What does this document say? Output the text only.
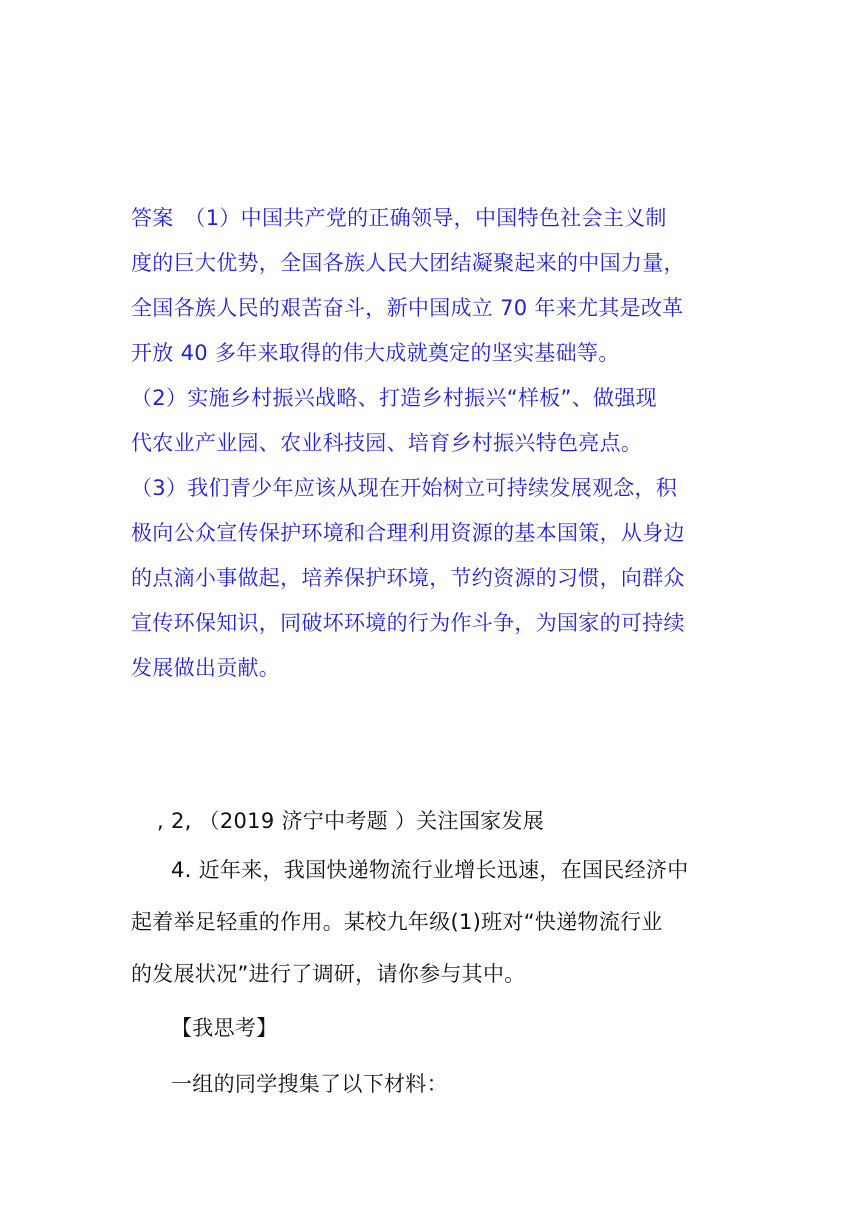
答案　（1）中国共产党的正确领导，中国特色社会主义制
度的巨大优势，全国各族人民大团结凝聚起来的中国力量，
全国各族人民的艰苦奋斗，新中国成立 70 年来尤其是改革
开放 40 多年来取得的伟大成就奠定的坚实基础等。
（2）实施乡村振兴战略、打造乡村振兴“样板”、做强现
代农业产业园、农业科技园、培育乡村振兴特色亮点。
（3）我们青少年应该从现在开始树立可持续发展观念，积
极向公众宣传保护环境和合理利用资源的基本国策，从身边
的点滴小事做起，培养保护环境，节约资源的习惯，向群众
宣传环保知识，同破坏环境的行为作斗争，为国家的可持续
发展做出贡献。
, 2, （2019 济宁中考题 ）关注国家发展
4. 近年来，我国快递物流行业增长迅速，在国民经济中
起着举足轻重的作用。某校九年级(1)班对“快递物流行业
的发展状况”进行了调研，请你参与其中。
【我思考】
一组的同学搜集了以下材料：
